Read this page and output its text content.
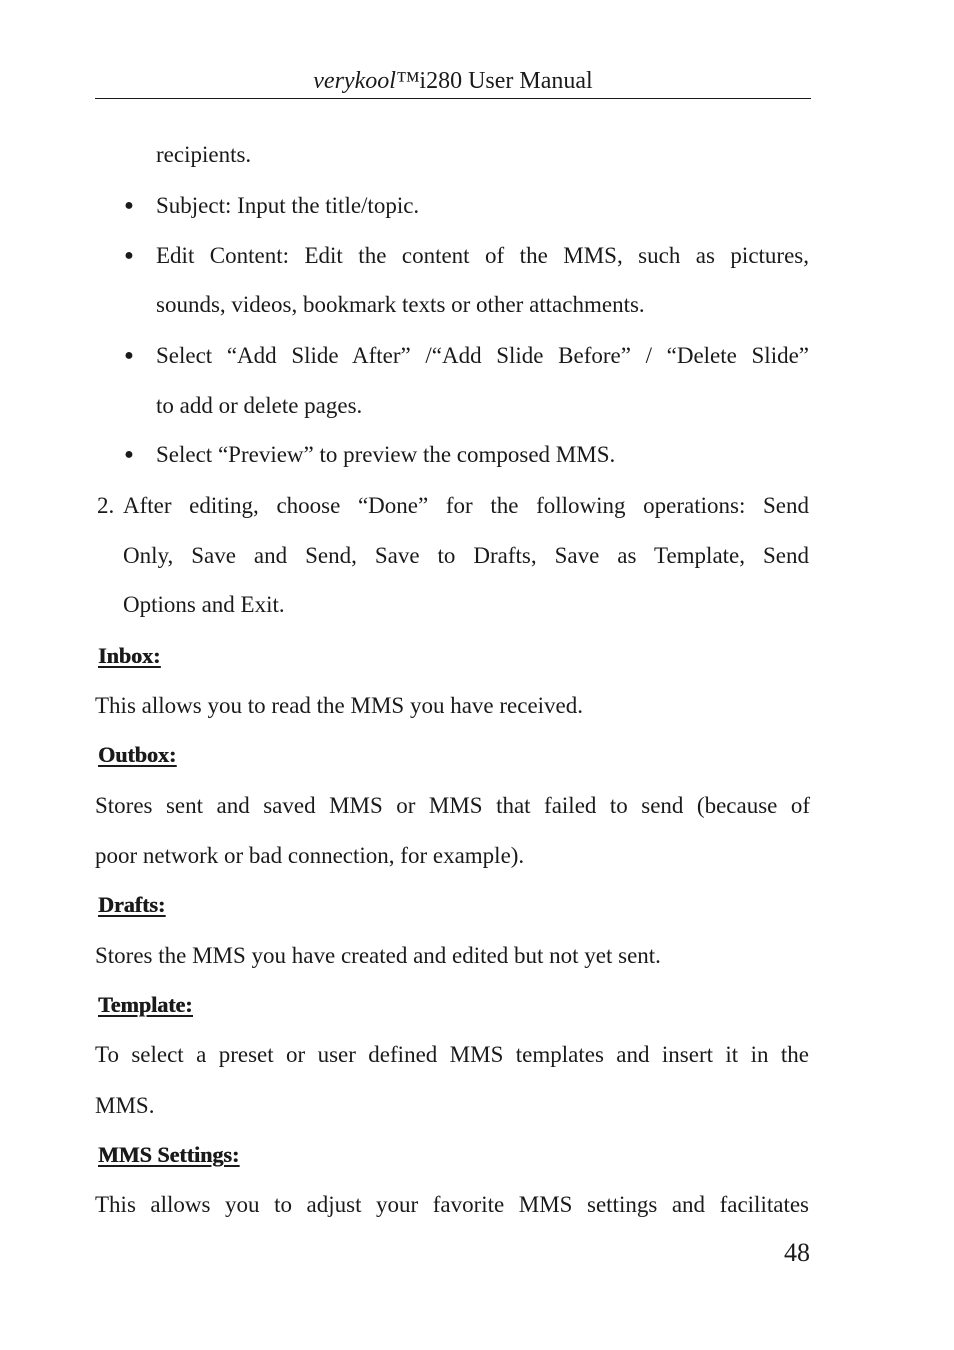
verykool™i280 User Manual
recipients.
● Subject: Input the title/topic.
● Edit Content: Edit the content of the MMS, such as pictures,
sounds, videos, bookmark texts or other attachments.
● Select “Add Slide After” /“Add Slide Before” / “Delete Slide”
to add or delete pages.
● Select “Preview” to preview the composed MMS.
2. After editing, choose “Done” for the following operations: Send
Only, Save and Send, Save to Drafts, Save as Template, Send
Options and Exit.
Inbox:
This allows you to read the MMS you have received.
Outbox:
Stores sent and saved MMS or MMS that failed to send (because of
poor network or bad connection, for example).
Drafts:
Stores the MMS you have created and edited but not yet sent.
Template:
To select a preset or user defined MMS templates and insert it in the
MMS.
MMS Settings:
This allows you to adjust your favorite MMS settings and facilitates
48
